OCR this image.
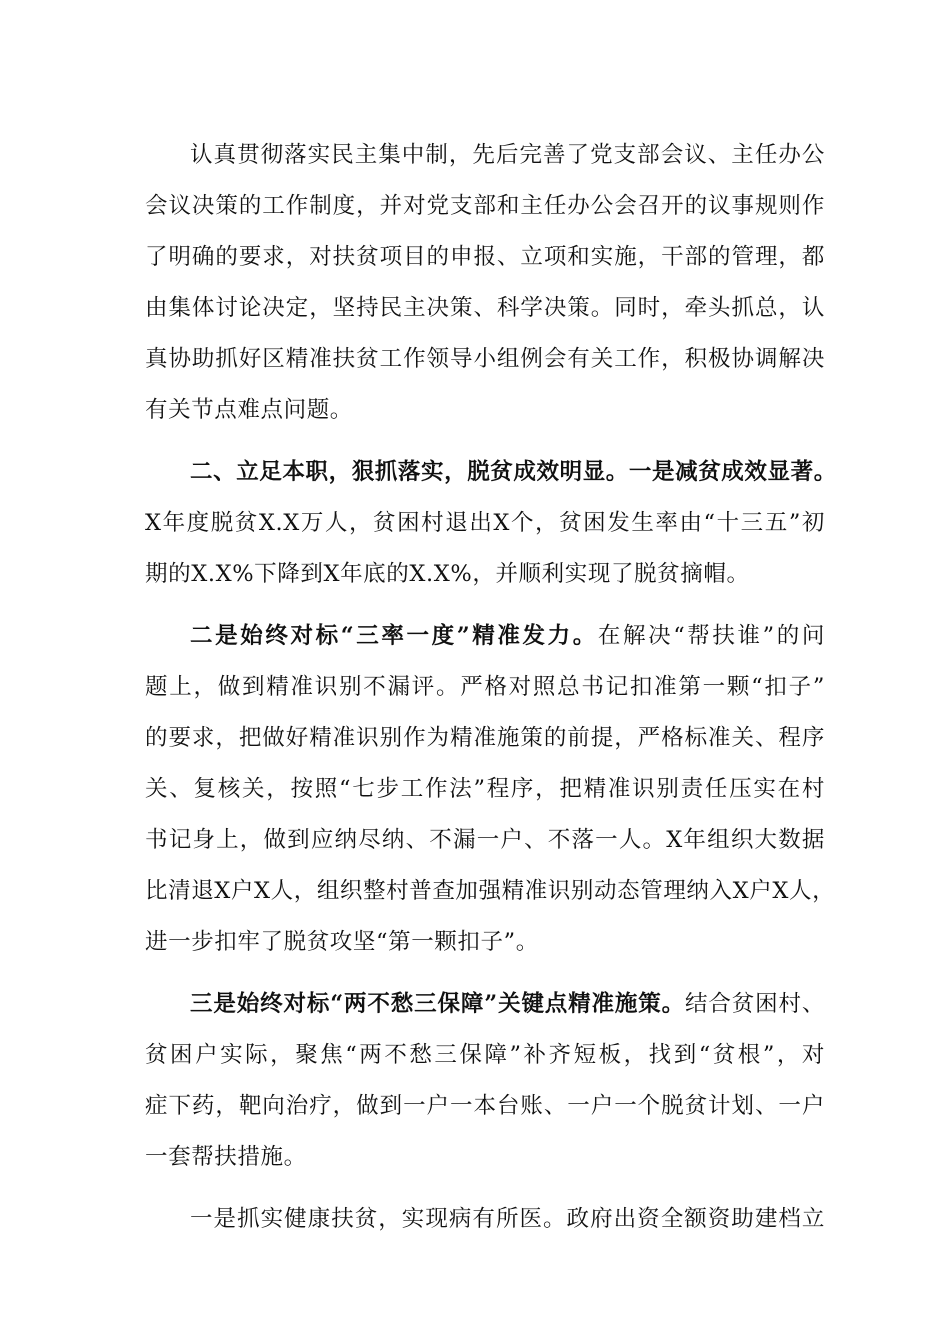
认真贯彻落实民主集中制，先后完善了党支部会议、主任办公
会议决策的工作制度，并对党支部和主任办公会召开的议事规则作
了明确的要求，对扶贫项目的申报、立项和实施，干部的管理，都
由集体讨论决定，坚持民主决策、科学决策。同时，牵头抓总，认
真协助抓好区精准扶贫工作领导小组例会有关工作，积极协调解决
有关节点难点问题。
二、立足本职，狠抓落实，脱贫成效明显。一是减贫成效显著。
X年度脱贫X.X万人，贫困村退出X个，贫困发生率由“十三五”初
期的X.X%下降到X年底的X.X%，并顺利实现了脱贫摘帽。
二是始终对标“三率一度”精准发力。在解决“帮扶谁”的问
题上，做到精准识别不漏评。严格对照总书记扣准第一颗“扣子”
的要求，把做好精准识别作为精准施策的前提，严格标准关、程序
关、复核关，按照“七步工作法”程序，把精准识别责任压实在村
书记身上，做到应纳尽纳、不漏一户、不落一人。X年组织大数据
比清退X户X人，组织整村普查加强精准识别动态管理纳入X户X人，
进一步扣牢了脱贫攻坚“第一颗扣子”。
三是始终对标“两不愁三保障”关键点精准施策。结合贫困村、
贫困户实际，聚焦“两不愁三保障”补齐短板，找到“贫根”，对
症下药，靶向治疗，做到一户一本台账、一户一个脱贫计划、一户
一套帮扶措施。
一是抓实健康扶贫，实现病有所医。政府出资全额资助建档立
